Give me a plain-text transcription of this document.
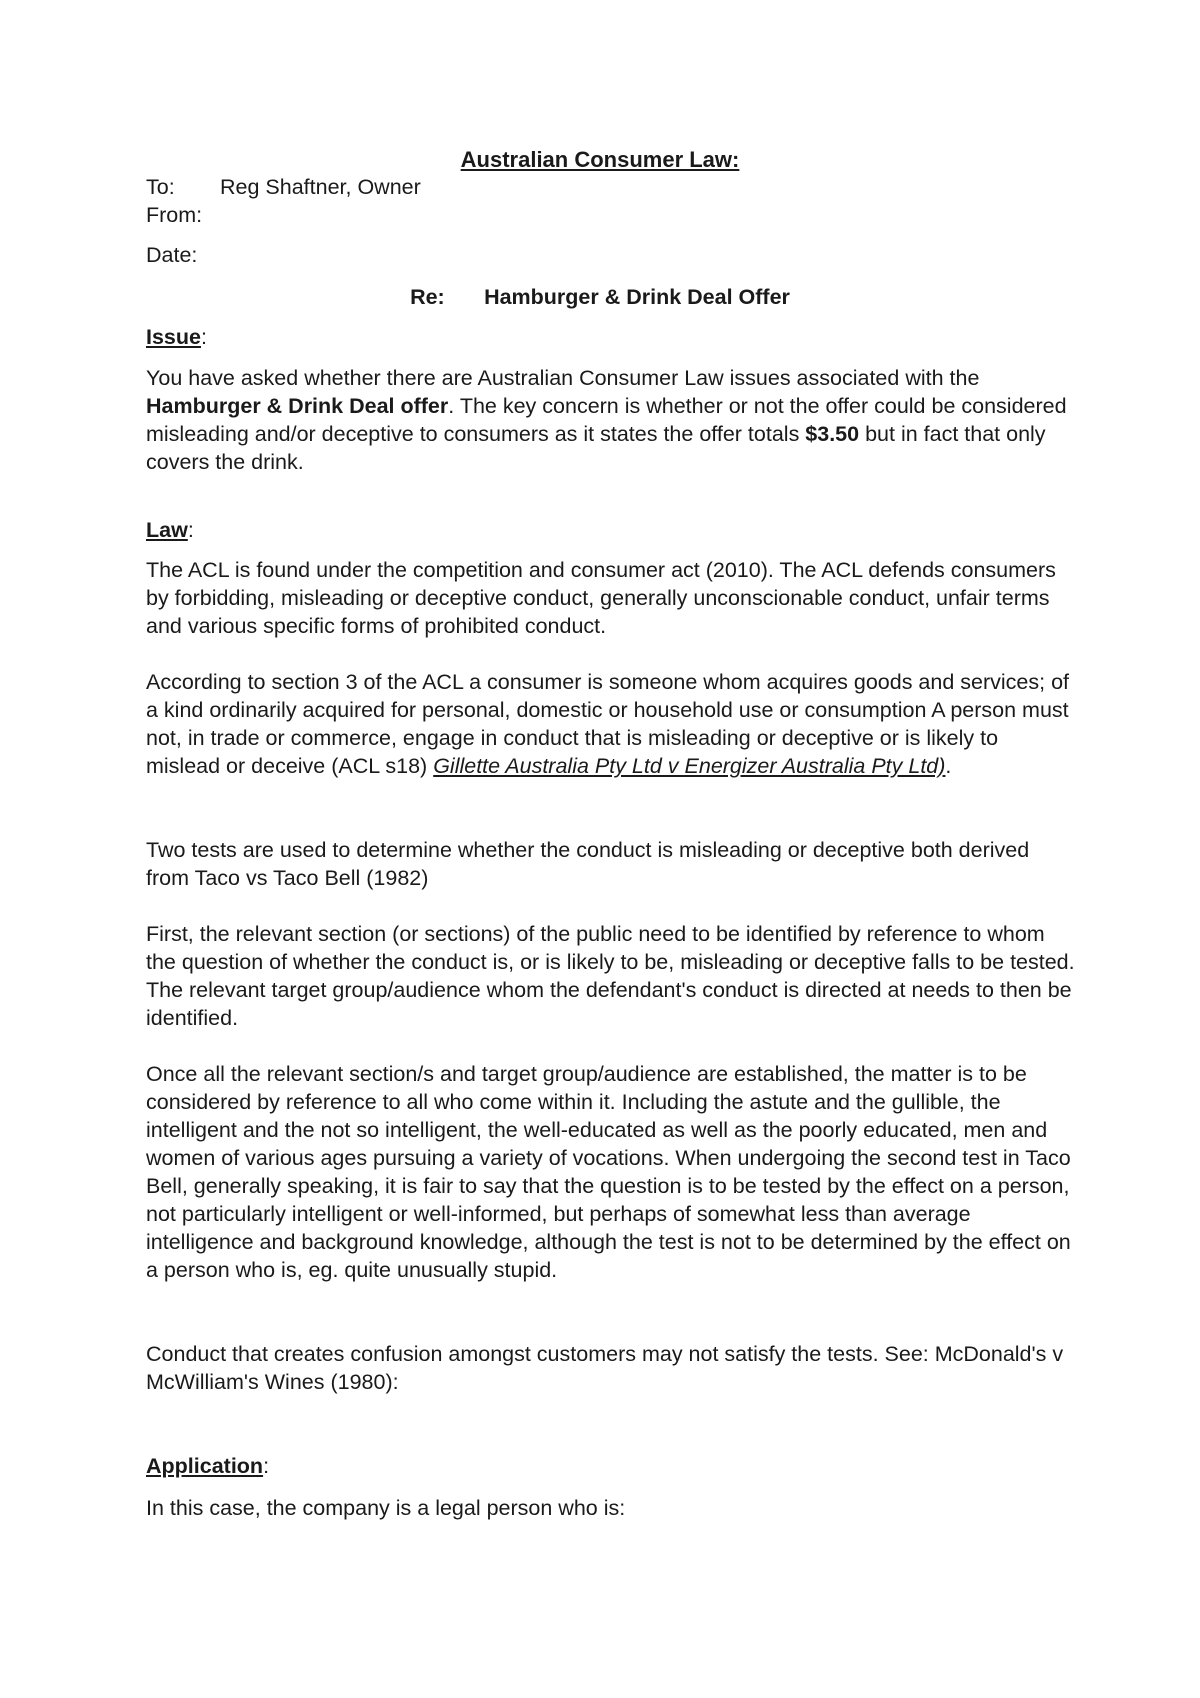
Australian Consumer Law:

To: Reg Shaftner, Owner

From:

Date:

Re: Hamburger & Drink Deal Offer

Issue:

You have asked whether there are Australian Consumer Law issues associated with the Hamburger & Drink Deal offer. The key concern is whether or not the offer could be considered misleading and/or deceptive to consumers as it states the offer totals $3.50 but in fact that only covers the drink.

Law:

The ACL is found under the competition and consumer act (2010). The ACL defends consumers by forbidding, misleading or deceptive conduct, generally unconscionable conduct, unfair terms and various specific forms of prohibited conduct.

According to section 3 of the ACL a consumer is someone whom acquires goods and services; of a kind ordinarily acquired for personal, domestic or household use or consumption A person must not, in trade or commerce, engage in conduct that is misleading or deceptive or is likely to mislead or deceive (ACL s18) Gillette Australia Pty Ltd v Energizer Australia Pty Ltd).

Two tests are used to determine whether the conduct is misleading or deceptive both derived from Taco vs Taco Bell (1982)

First, the relevant section (or sections) of the public need to be identified by reference to whom the question of whether the conduct is, or is likely to be, misleading or deceptive falls to be tested. The relevant target group/audience whom the defendant's conduct is directed at needs to then be identified.

Once all the relevant section/s and target group/audience are established, the matter is to be considered by reference to all who come within it. Including the astute and the gullible, the intelligent and the not so intelligent, the well-educated as well as the poorly educated, men and women of various ages pursuing a variety of vocations. When undergoing the second test in Taco Bell, generally speaking, it is fair to say that the question is to be tested by the effect on a person, not particularly intelligent or well-informed, but perhaps of somewhat less than average intelligence and background knowledge, although the test is not to be determined by the effect on a person who is, eg. quite unusually stupid.

Conduct that creates confusion amongst customers may not satisfy the tests. See: McDonald's v McWilliam's Wines (1980):

Application:

In this case, the company is a legal person who is:
